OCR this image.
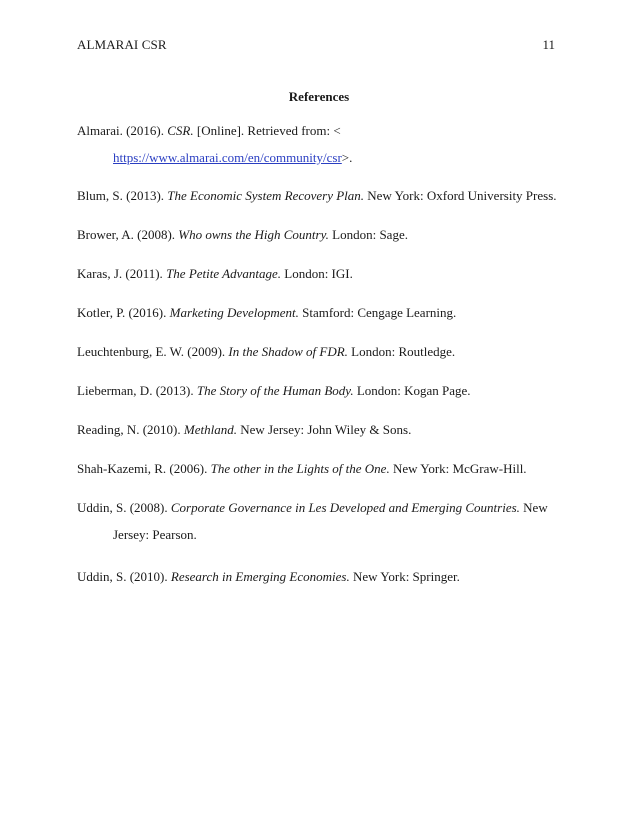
ALMARAI CSR	11
References
Almarai. (2016). CSR. [Online]. Retrieved from: <
https://www.almarai.com/en/community/csr>.
Blum, S. (2013). The Economic System Recovery Plan. New York: Oxford University Press.
Brower, A. (2008). Who owns the High Country. London: Sage.
Karas, J. (2011). The Petite Advantage. London: IGI.
Kotler, P. (2016). Marketing Development. Stamford: Cengage Learning.
Leuchtenburg, E. W. (2009). In the Shadow of FDR. London: Routledge.
Lieberman, D. (2013). The Story of the Human Body. London: Kogan Page.
Reading, N. (2010). Methland. New Jersey: John Wiley & Sons.
Shah-Kazemi, R. (2006). The other in the Lights of the One. New York: McGraw-Hill.
Uddin, S. (2008). Corporate Governance in Les Developed and Emerging Countries. New
Jersey: Pearson.
Uddin, S. (2010). Research in Emerging Economies. New York: Springer.
